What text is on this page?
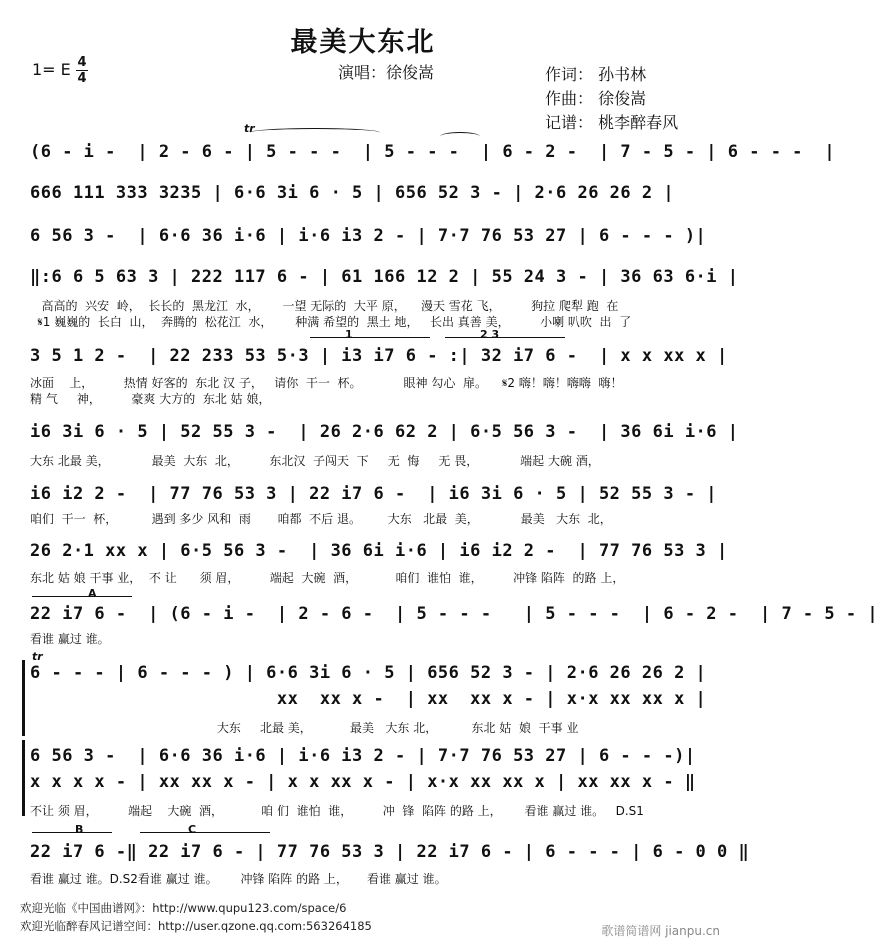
最美大东北
1= E 4
4	演唱：徐俊嵩	作词： 孙书林
作曲： 徐俊嵩
记谱： 桃李醉春风
tr
(6 - i -  | 2 - 6 - | 5 - - -  | 5 - - -  | 6 - 2 -  | 7 - 5 - | 6 - - -  |
666 111 333 3235 | 6·6 3i 6 · 5 | 656 52 3 - | 2·6 26 26 2 |
6 56 3 -  | 6·6 36 i·6 | i·6 i3 2 - | 7·7 76 53 27 | 6 - - - )|
‖:6 6 5 63 3 | 222 117 6 - | 61 166 12 2 | 55 24 3 - | 36 63 6·i |
高高的  兴安  岭，  长长的  黑龙江  水，      一望 无际的  大平 原，    漫天 雪花 飞，        狗拉 爬犁 跑  在
𝄋1 巍巍的  长白  山，  奔腾的  松花江  水，      种满 希望的  黑土 地，   长出 真善 美，        小喇 叭吹  出  了
1	2 3
3 5 1 2 -  | 22 233 53 5·3 | i3 i7 6 - :| 32 i7 6 -  | x x xx x |
冰面    上，        热情 好客的  东北 汉 子，   请你  干一  杯。           眼神 勾心  扉。    𝄋2 嗨！嗨！嗨嗨  嗨！
精 气     神，        豪爽 大方的  东北 姑 娘，
i6 3i 6 · 5 | 52 55 3 -  | 26 2·6 62 2 | 6·5 56 3 -  | 36 6i i·6 |
大东 北最 美，           最美  大东  北，        东北汉  子闯天  下     无  悔     无 畏，           端起 大碗 酒，
i6 i2 2 -  | 77 76 53 3 | 22 i7 6 -  | i6 3i 6 · 5 | 52 55 3 - |
咱们  干一  杯，         遇到 多少 风和  雨       咱都  不后 退。       大东   北最  美，           最美   大东  北，
26 2·1 xx x | 6·5 56 3 -  | 36 6i i·6 | i6 i2 2 -  | 77 76 53 3 |
东北 姑 娘 干事 业，  不 让      须 眉，        端起  大碗  酒，          咱们  谁怕  谁，        冲锋 陷阵  的路 上，
A
22 i7 6 -  | (6 - i -  | 2 - 6 -  | 5 - - -   | 5 - - -  | 6 - 2 -  | 7 - 5 - |
看谁 赢过 谁。
tr
6 - - - | 6 - - - ) | 6·6 3i 6 · 5 | 656 52 3 - | 2·6 26 26 2 |
xx  xx x -  | xx  xx x - | x·x xx xx x |
大东     北最 美，          最美   大东 北，         东北 姑  娘  干事 业
6 56 3 -  | 6·6 36 i·6 | i·6 i3 2 - | 7·7 76 53 27 | 6 - - -)|
x x x x - | xx xx x - | x x xx x - | x·x xx xx x | xx xx x - ‖
不让 须 眉，        端起    大碗  酒，          咱 们  谁怕  谁，        冲  锋  陷阵 的路 上，      看谁 赢过 谁。   D.S1
B	C
22 i7 6 -‖ 22 i7 6 - | 77 76 53 3 | 22 i7 6 - | 6 - - - | 6 - 0 0 ‖
看谁 赢过 谁。D.S2看谁 赢过 谁。      冲锋 陷阵 的路 上，     看谁 赢过 谁。
欢迎光临《中国曲谱网》：http://www.qupu123.com/space/6
欢迎光临醉春风记谱空间：http://user.qzone.qq.com:563264185	歌谱简谱网 jianpu.cn
